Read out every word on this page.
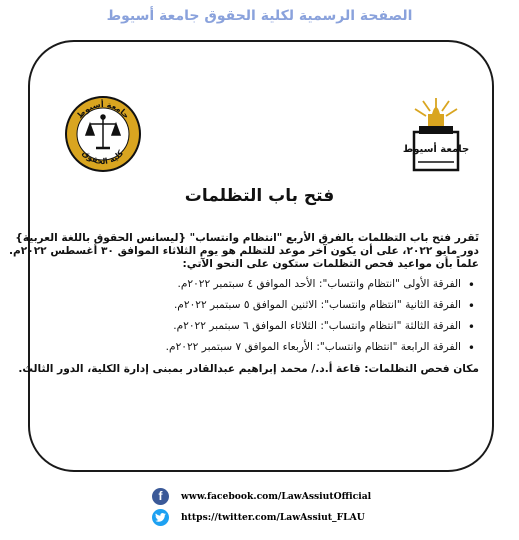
الصفحة الرسمية لكلية الحقوق جامعة أسيوط
جامعة أسيوط
كلية الحقوق	جامعة أسيوط
فتح باب التظلمات

تَقرر فتح باب التظلمات بالفرق الأربع "انتظام وانتساب" {ليسانس الحقوق باللغة العربية}

دور مايو ٢٠٢٢، على أن يكون آخر موعد للتظلم هو يوم الثلاثاء الموافق ٣٠ أغسطس ٢٠٢٢م.

علماً بأن مواعيد فحص التظلمات ستكون على النحو الآتي:

• الفرقة الأولى "انتظام وانتساب": الأحد الموافق ٤ سبتمبر ٢٠٢٢م.
• الفرقة الثانية "انتظام وانتساب": الاثنين الموافق ٥ سبتمبر ٢٠٢٢م.
• الفرقة الثالثة "انتظام وانتساب": الثلاثاء الموافق ٦ سبتمبر ٢٠٢٢م.
• الفرقة الرابعة "انتظام وانتساب": الأربعاء الموافق ٧ سبتمبر ٢٠٢٢م.

مكان فحص التظلمات: قاعة أ.د./ محمد إبراهيم عبدالقادر بمبنى إدارة الكلية، الدور الثالث.

f	www.facebook.com/LawAssiutOfficial
https://twitter.com/LawAssiut_FLAU
